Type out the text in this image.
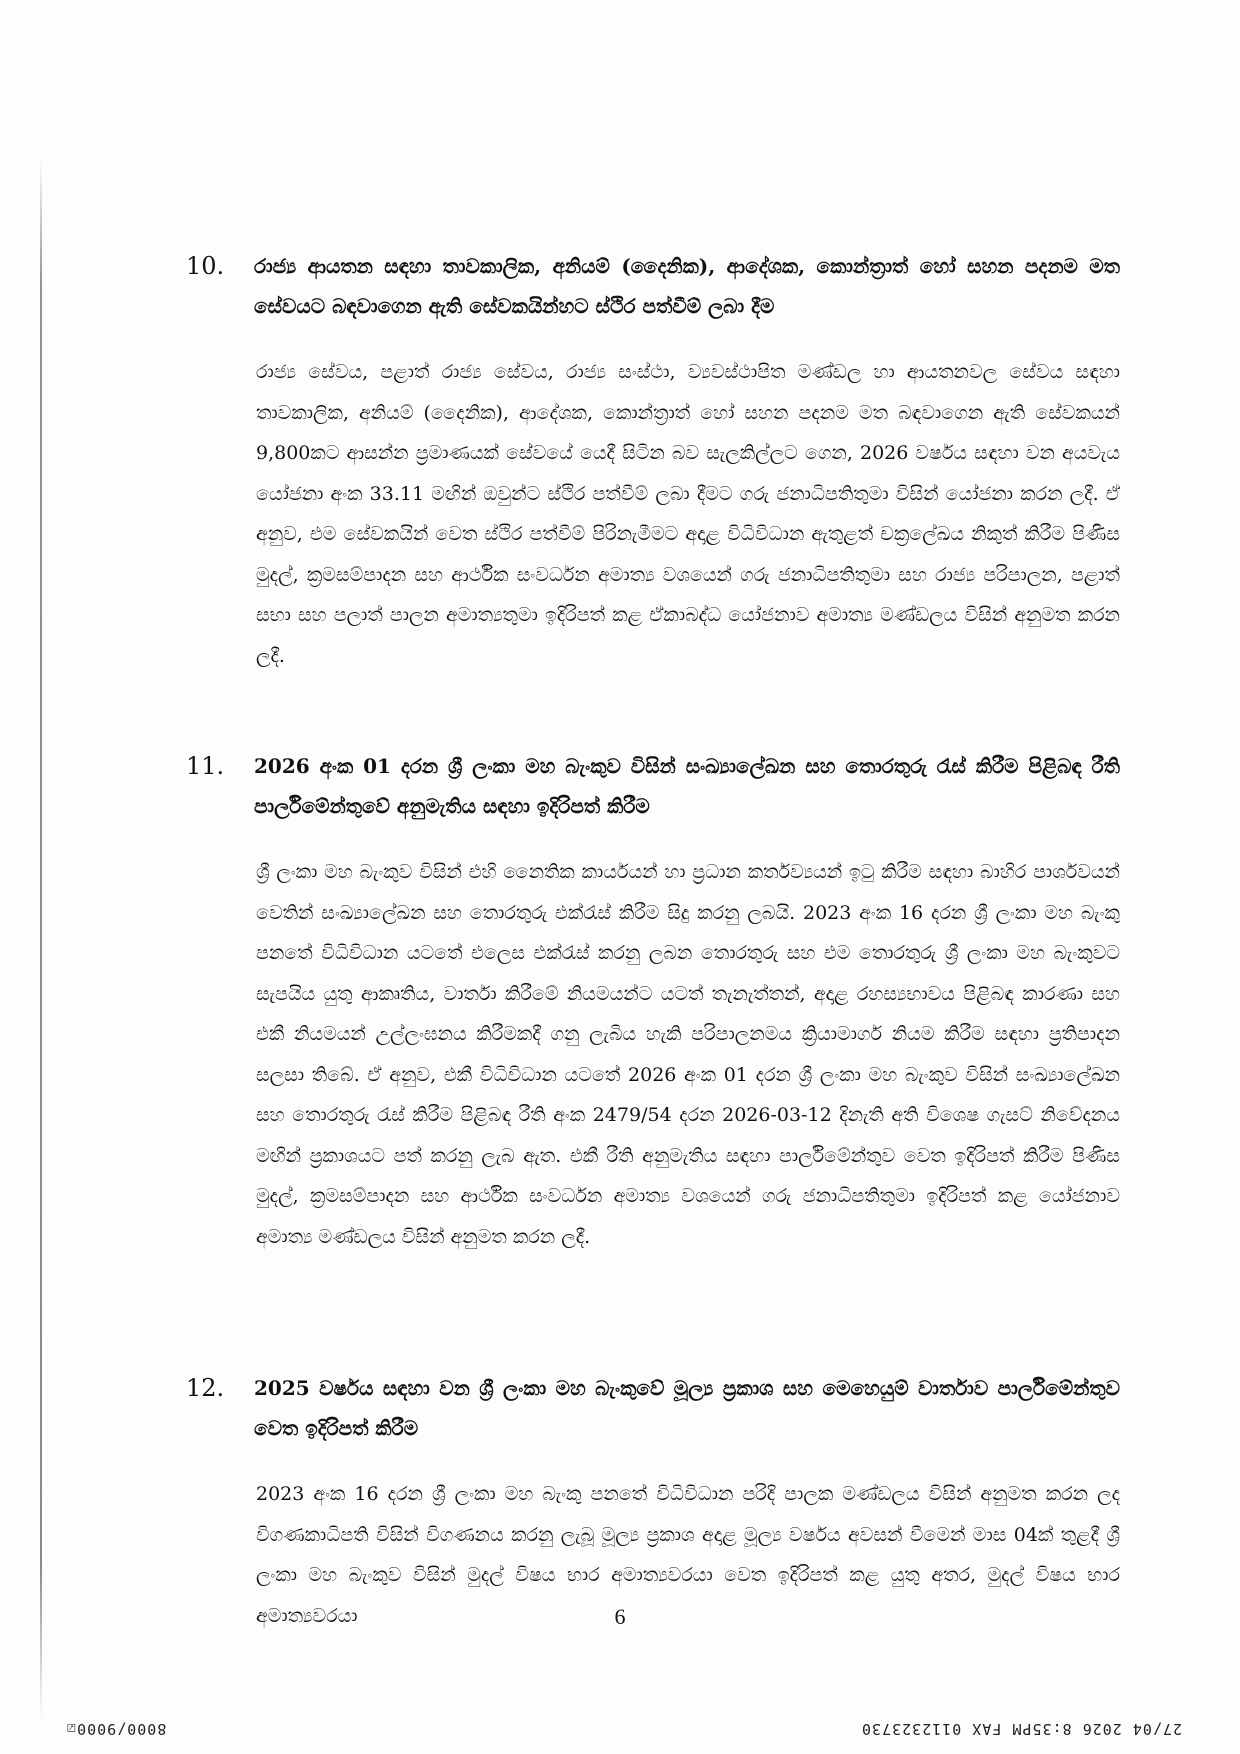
10. රාජ්‍ය ආයතන සඳහා තාවකාලික, අනියම් (දෛනික), ආදේශක, කොන්ත්‍රාත් හෝ සහන පදනම මත සේවයට බඳවාගෙන ඇති සේවකයින්හට ස්ථිර පත්වීම් ලබා දීම
රාජ්‍ය සේවය, පළාත් රාජ්‍ය සේවය, රාජ්‍ය සංස්ථා, ව්‍යවස්ථාපිත මණ්ඩල හා ආයතනවල සේවය සඳහා තාවකාලික, අනියම් (දෛනික), ආදේශක, කොන්ත්‍රාත් හෝ සහන පදනම මත බඳවාගෙන ඇති සේවකයන් 9,800කට ආසන්න ප්‍රමාණයක් සේවයේ යෙදී සිටින බව සැලකිල්ලට ගෙන, 2026 වර්ෂය සඳහා වන අයවැය යෝජනා අංක 33.11 මඟින් ඔවුන්ට ස්ථිර පත්වීම් ලබා දීමට ගරු ජනාධිපතිතුමා විසින් යෝජනා කරන ලදී. ඒ අනුව, එම සේවකයින් වෙත ස්ථිර පත්වීම් පිරිනැමීමට අදාළ විධිවිධාන ඇතුළත් චක්‍රලේඛය නිකුත් කිරීම පිණිස මුදල්, ක්‍රමසම්පාදන සහ ආර්ථික සංවර්ධන අමාත්‍ය වශයෙන් ගරු ජනාධිපතිතුමා සහ රාජ්‍ය පරිපාලන, පළාත් සභා සහ පලාත් පාලන අමාත්‍යතුමා ඉදිරිපත් කළ ඒකාබද්ධ යෝජනාව අමාත්‍ය මණ්ඩලය විසින් අනුමත කරන ලදී.
11. 2026 අංක 01 දරන ශ්‍රී ලංකා මහ බැංකුව විසින් සංඛ්‍යාලේඛන සහ තොරතුරු රැස් කිරීම පිළිබඳ රීති පාර්ලිමේන්තුවේ අනුමැතිය සඳහා ඉදිරිපත් කිරීම
ශ්‍රී ලංකා මහ බැංකුව විසින් එහි නෛතික කාර්යයන් හා ප්‍රධාන කර්තව්‍යයන් ඉටු කිරීම සඳහා බාහිර පාර්ශවයන් වෙතින් සංඛ්‍යාලේඛන සහ තොරතුරු එක්රැස් කිරීම සිදු කරනු ලබයි. 2023 අංක 16 දරන ශ්‍රී ලංකා මහ බැංකු පනතේ විධිවිධාන යටතේ එලෙස එක්රැස් කරනු ලබන තොරතුරු සහ එම තොරතුරු ශ්‍රී ලංකා මහ බැංකුවට සැපයිය යුතු ආකෘතිය, වාර්තා කිරීමේ නියමයන්ට යටත් තැනැත්තන්, අදාළ රහස්‍යභාවය පිළිබඳ කාරණා සහ එකී නියමයන් උල්ලංඝනය කිරීමකදී ගනු ලැබිය හැකි පරිපාලනමය ක්‍රියාමාර්ග නියම කිරීම සඳහා ප්‍රතිපාදන සලසා තිබේ. ඒ අනුව, එකී විධිවිධාන යටතේ 2026 අංක 01 දරන ශ්‍රී ලංකා මහ බැංකුව විසින් සංඛ්‍යාලේඛන සහ තොරතුරු රැස් කිරීම පිළිබඳ රීති අංක 2479/54 දරන 2026-03-12 දිනැති අති විශෙෂ ගැසට් නිවේදනය මඟින් ප්‍රකාශයට පත් කරනු ලැබ ඇත. එකී රීති අනුමැතිය සඳහා පාර්ලිමේන්තුව වෙත ඉදිරිපත් කිරීම පිණිස මුදල්, ක්‍රමසම්පාදන සහ ආර්ථික සංවර්ධන අමාත්‍ය වශයෙන් ගරු ජනාධිපතිතුමා ඉදිරිපත් කළ යෝජනාව අමාත්‍ය මණ්ඩලය විසින් අනුමත කරන ලදී.
12. 2025 වර්ෂය සඳහා වන ශ්‍රී ලංකා මහ බැංකුවේ මූල්‍ය ප්‍රකාශ සහ මෙහෙයුම් වාර්තාව පාර්ලිමේන්තුව වෙත ඉදිරිපත් කිරීම
2023 අංක 16 දරන ශ්‍රී ලංකා මහ බැංකු පනතේ විධිවිධාන පරිදි පාලක මණ්ඩලය විසින් අනුමත කරන ලද විගණකාධිපති විසින් විගණනය කරනු ලැබූ මූල්‍ය ප්‍රකාශ අදාළ මූල්‍ය වර්ෂය අවසන් වීමෙන් මාස 04ක් තුළදී ශ්‍රී ලංකා මහ බැංකුව විසින් මුදල් විෂය භාර අමාත්‍යවරයා වෙත ඉදිරිපත් කළ යුතු අතර, මුදල් විෂය භාර අමාත්‍යවරයා	6
8000/9000☑	27/04 2026 8:35PM FAX 0112323730
